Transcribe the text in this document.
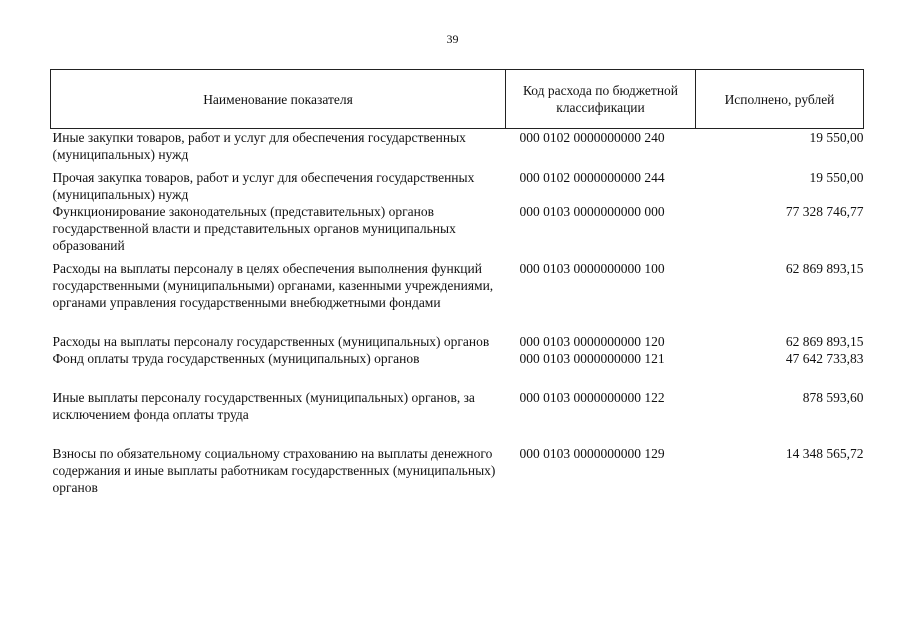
39
Наименование показателя	Код расхода по бюджетной классификации	Исполнено, рублей
Иные закупки товаров, работ и услуг для обеспечения государственных (муниципальных) нужд	000 0102 0000000000 240	19 550,00
Прочая закупка товаров, работ и услуг для обеспечения государственных (муниципальных) нужд	000 0102 0000000000 244	19 550,00
Функционирование законодательных (представительных) органов государственной власти и представительных органов муниципальных образований	000 0103 0000000000 000	77 328 746,77
Расходы на выплаты персоналу в целях обеспечения выполнения функций государственными (муниципальными) органами, казенными учреждениями, органами управления государственными внебюджетными фондами	000 0103 0000000000 100	62 869 893,15
Расходы на выплаты персоналу государственных (муниципальных) органов	000 0103 0000000000 120	62 869 893,15
Фонд оплаты труда государственных (муниципальных) органов	000 0103 0000000000 121	47 642 733,83
Иные выплаты персоналу государственных (муниципальных) органов, за исключением фонда оплаты труда	000 0103 0000000000 122	878 593,60
Взносы по обязательному социальному страхованию на выплаты денежного содержания и иные выплаты работникам государственных (муниципальных) органов	000 0103 0000000000 129	14 348 565,72
